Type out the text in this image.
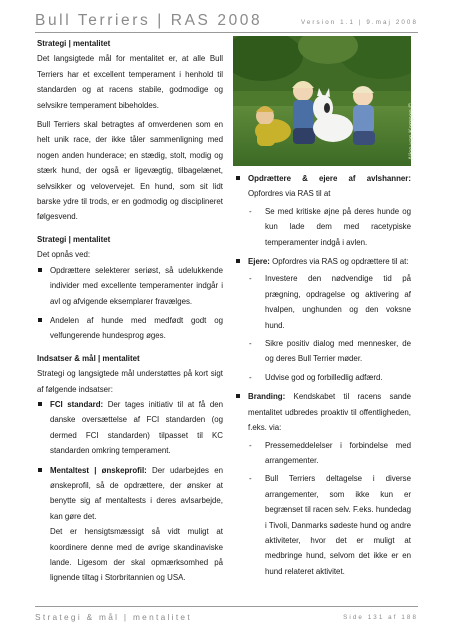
Bull Terriers | RAS 2008	Version 1.1 | 9.maj 2008

Strategi | mentalitet

Det langsigtede mål for mentalitet er, at alle Bull Terriers har et excellent temperament i henhold til standarden og at racens stabile, godmodige og selvsikre temperament bibeholdes.

Bull Terriers skal betragtes af omverdenen som en helt unik race, der ikke tåler sammenligning med nogen anden hunderace; en stædig, stolt, modig og stærk hund, der også er ligevægtig, tilbagelænet, selvsikker og velovervejet. En hund, som sit lidt barske ydre til trods, er en godmodig og disciplineret følgesvend.

Strategi | mentalitet

Det opnås ved:

Opdrættere selekterer seriøst, så udelukkende individer med excellente temperamenter indgår i avl og afvigende eksemplarer fravælges.
Andelen af hunde med medfødt godt og velfungerende hundesprog øges.

Indsatser & mål | mentalitet

Strategi og langsigtede mål understøttes på kort sigt af følgende indsatser:

FCI standard: Der tages initiativ til at få den danske oversættelse af FCI standarden (og dermed FCI standarden) tilpasset til KC standarden omkring temperament.
Mentaltest | ønskeprofil: Der udarbejdes en ønskeprofil, så de opdrættere, der ønsker at benytte sig af mentaltests i deres avlsarbejde, kan gøre det.

Det er hensigtsmæssigt så vidt muligt at koordinere denne med de øvrige skandinaviske lande. Ligesom der skal opmærksomhed på lignende tiltag i Storbritannien og USA.

Alice van Kempen ©
Opdrættere & ejere af avlshanner: Opfordres via RAS til at
- Se med kritiske øjne på deres hunde og kun lade dem med racetypiske temperamenter indgå i avlen.
Ejere: Opfordres via RAS og opdrættere til at:
- Investere den nødvendige tid på prægning, opdragelse og aktivering af hvalpen, unghunden og den voksne hund.
- Sikre positiv dialog med mennesker, de og deres Bull Terrier møder.
- Udvise god og forbilledlig adfærd.
Branding: Kendskabet til racens sande mentalitet udbredes proaktiv til offentligheden, f.eks. via:
- Pressemeddelelser i forbindelse med arrangementer.
- Bull Terriers deltagelse i diverse arrangementer, som ikke kun er begrænset til racen selv. F.eks. hundedag i Tivoli, Danmarks sødeste hund og andre aktiviteter, hvor det er muligt at medbringe hund, selvom det ikke er en hund relateret aktivitet.
Strategi & mål | mentalitet	Side 131 af 188
